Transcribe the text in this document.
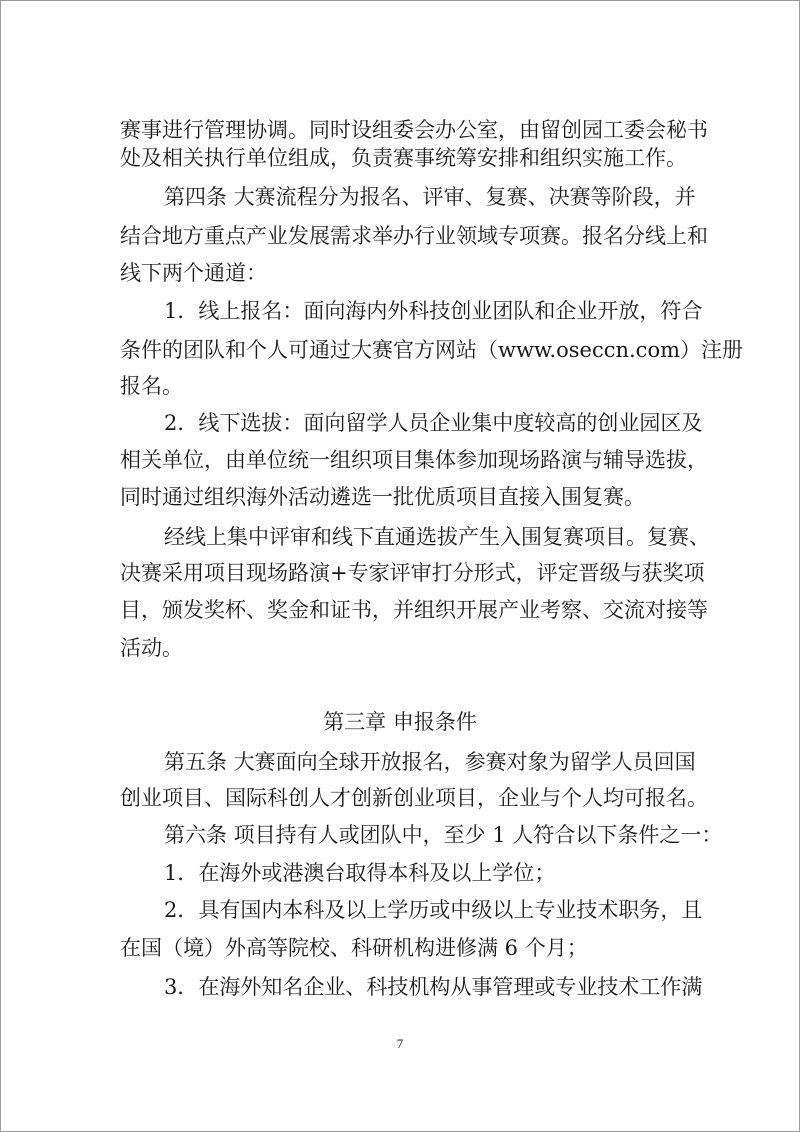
赛事进行管理协调。同时设组委会办公室，由留创园工委会秘书
处及相关执行单位组成，负责赛事统筹安排和组织实施工作。
第四条 大赛流程分为报名、评审、复赛、决赛等阶段，并
结合地方重点产业发展需求举办行业领域专项赛。报名分线上和
线下两个通道：
1．线上报名：面向海内外科技创业团队和企业开放，符合
条件的团队和个人可通过大赛官方网站（www.oseccn.com）注册
报名。
2．线下选拔：面向留学人员企业集中度较高的创业园区及
相关单位，由单位统一组织项目集体参加现场路演与辅导选拔，
同时通过组织海外活动遴选一批优质项目直接入围复赛。
经线上集中评审和线下直通选拔产生入围复赛项目。复赛、
决赛采用项目现场路演+专家评审打分形式，评定晋级与获奖项
目，颁发奖杯、奖金和证书，并组织开展产业考察、交流对接等
活动。
第五条 大赛面向全球开放报名，参赛对象为留学人员回国
创业项目、国际科创人才创新创业项目，企业与个人均可报名。
第六条 项目持有人或团队中，至少 1 人符合以下条件之一：
1．在海外或港澳台取得本科及以上学位；
2．具有国内本科及以上学历或中级以上专业技术职务，且
在国（境）外高等院校、科研机构进修满 6 个月；
3．在海外知名企业、科技机构从事管理或专业技术工作满
第三章 申报条件
7
